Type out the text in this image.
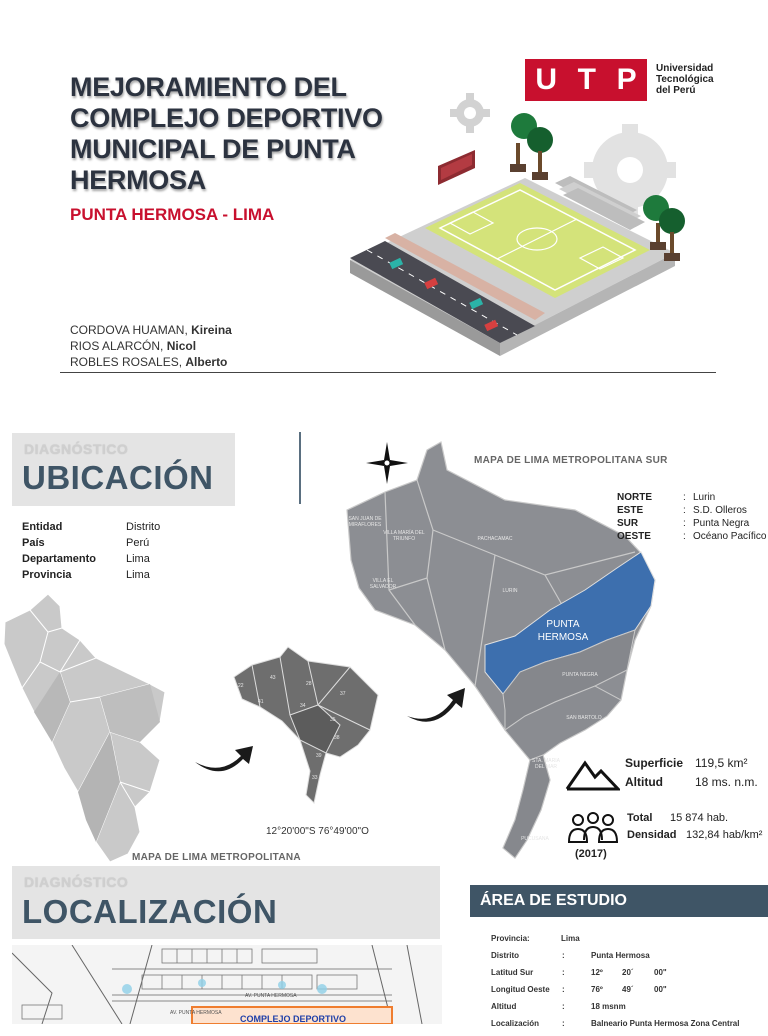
MEJORAMIENTO DEL
COMPLEJO DEPORTIVO
MUNICIPAL DE PUNTA
HERMOSA
PUNTA HERMOSA - LIMA
CORDOVA HUAMAN, Kireina
RIOS ALARCÓN, Nicol
ROBLES ROSALES, Alberto
U T P Universidad
Tecnológica
del Perú
DIAGNÓSTICO
UBICACIÓN
Entidad	Distrito
País	Perú
Departamento	Lima
Provincia	Lima
MAPA DE LIMA METROPOLITANA
22
43
28
41
34
37
35
38
39
33
12°20'00"S 76°49'00"O
MAPA DE LIMA METROPOLITANA SUR
SAN JUAN DE MIRAFLORES
VILLA MARÍA DEL TRIUNFO	PACHACAMAC
VILLA EL SALVADOR
LURIN
PUNTA HERMOSA
PUNTA NEGRA
SAN BARTOLO
STA. MARIA DEL MAR
PUCUSANA
NORTE	: Lurin
ESTE	: S.D. Olleros
SUR	: Punta Negra
OESTE	: Océano Pacífico
Superficie 119,5 km²
Altitud	18 ms. n.m.
(2017)
Total 15 874 hab.
Densidad 132,84 hab/km²
DIAGNÓSTICO
LOCALIZACIÓN
AV. PUNTA HERMOSA
AV. PUNTA HERMOSA
COMPLEJO DEPORTIVO
ÁREA DE ESTUDIO
Provincia:	Lima
Distrito	:	Punta Hermosa
Latitud Sur	:	12º 20´	00"
Longitud Oeste :	76º 49´	00"
Altitud	:	18 msnm
Localización	:	Balneario Punta Hermosa Zona Central
